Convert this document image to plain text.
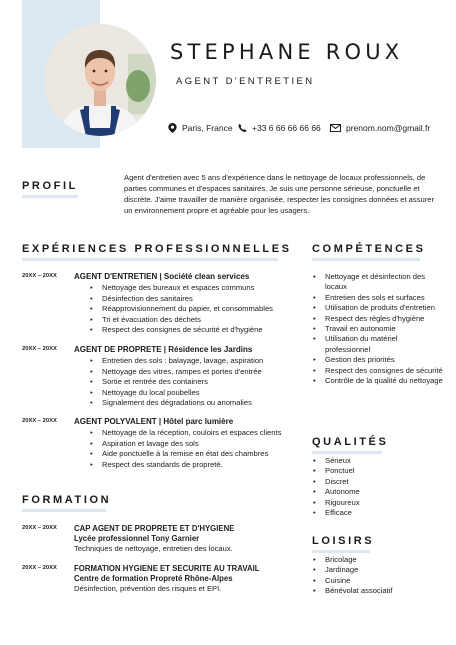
STEPHANE ROUX
AGENT D'ENTRETIEN
Paris, France +33 6 66 66 66 66	prenom.nom@gmail.fr
PROFIL

Agent d'entretien avec 5 ans d'expérience dans le nettoyage de locaux professionnels, de parties communes et d'espaces sanitaires. Je suis une personne sérieuse, ponctuelle et discrète. J'aime travailler de manière organisée, respecter les consignes données et assurer un environnement propre et agréable pour les usagers.

EXPÉRIENCES PROFESSIONNELLES
20XX – 20XX AGENT D'ENTRETIEN | Société clean services
• Nettoyage des bureaux et espaces communs
• Désinfection des sanitaires
• Réapprovisionnement du papier, et consommables
• Tri et évacuation des déchets
• Respect des consignes de sécurité et d'hygiène
20XX – 20XX AGENT DE PROPRETE | Résidence les Jardins
• Entretien des sols : balayage, lavage, aspiration
• Nettoyage des vitres, rampes et portes d'entrée
• Sortie et rentrée des containers
• Nettoyage du local poubelles
• Signalement des dégradations ou anomalies
20XX – 20XX AGENT POLYVALENT | Hôtel parc lumière
• Nettoyage de la réception, couloirs et espaces clients
• Aspiration et lavage des sols
• Aide ponctuelle à la remise en état des chambres
• Respect des standards de propreté.
FORMATION
20XX – 20XX CAP AGENT DE PROPRETE ET D'HYGIENE
Lycée professionnel Tony Garnier
Techniques de nettoyage, entretien des locaux.
20XX – 20XX FORMATION HYGIENE ET SECURITE AU TRAVAIL
Centre de formation Propreté Rhône-Alpes
Désinfection, prévention des risques et EPI.
COMPÉTENCES
• Nettoyage et désinfection des locaux
• Entretien des sols et surfaces
• Utilisation de produits d'entretien
• Respect des règles d'hygiène
• Travail en autonomie
• Utilisation du matériel professionnel
• Gestion des priorités
• Respect des consignes de sécurité
• Contrôle de la qualité du nettoyage
QUALITÉS
• Sérieux
• Ponctuel
• Discret
• Autonome
• Rigoureux
• Efficace
LOISIRS
• Bricolage
• Jardinage
• Cuisine
• Bénévolat associatif
